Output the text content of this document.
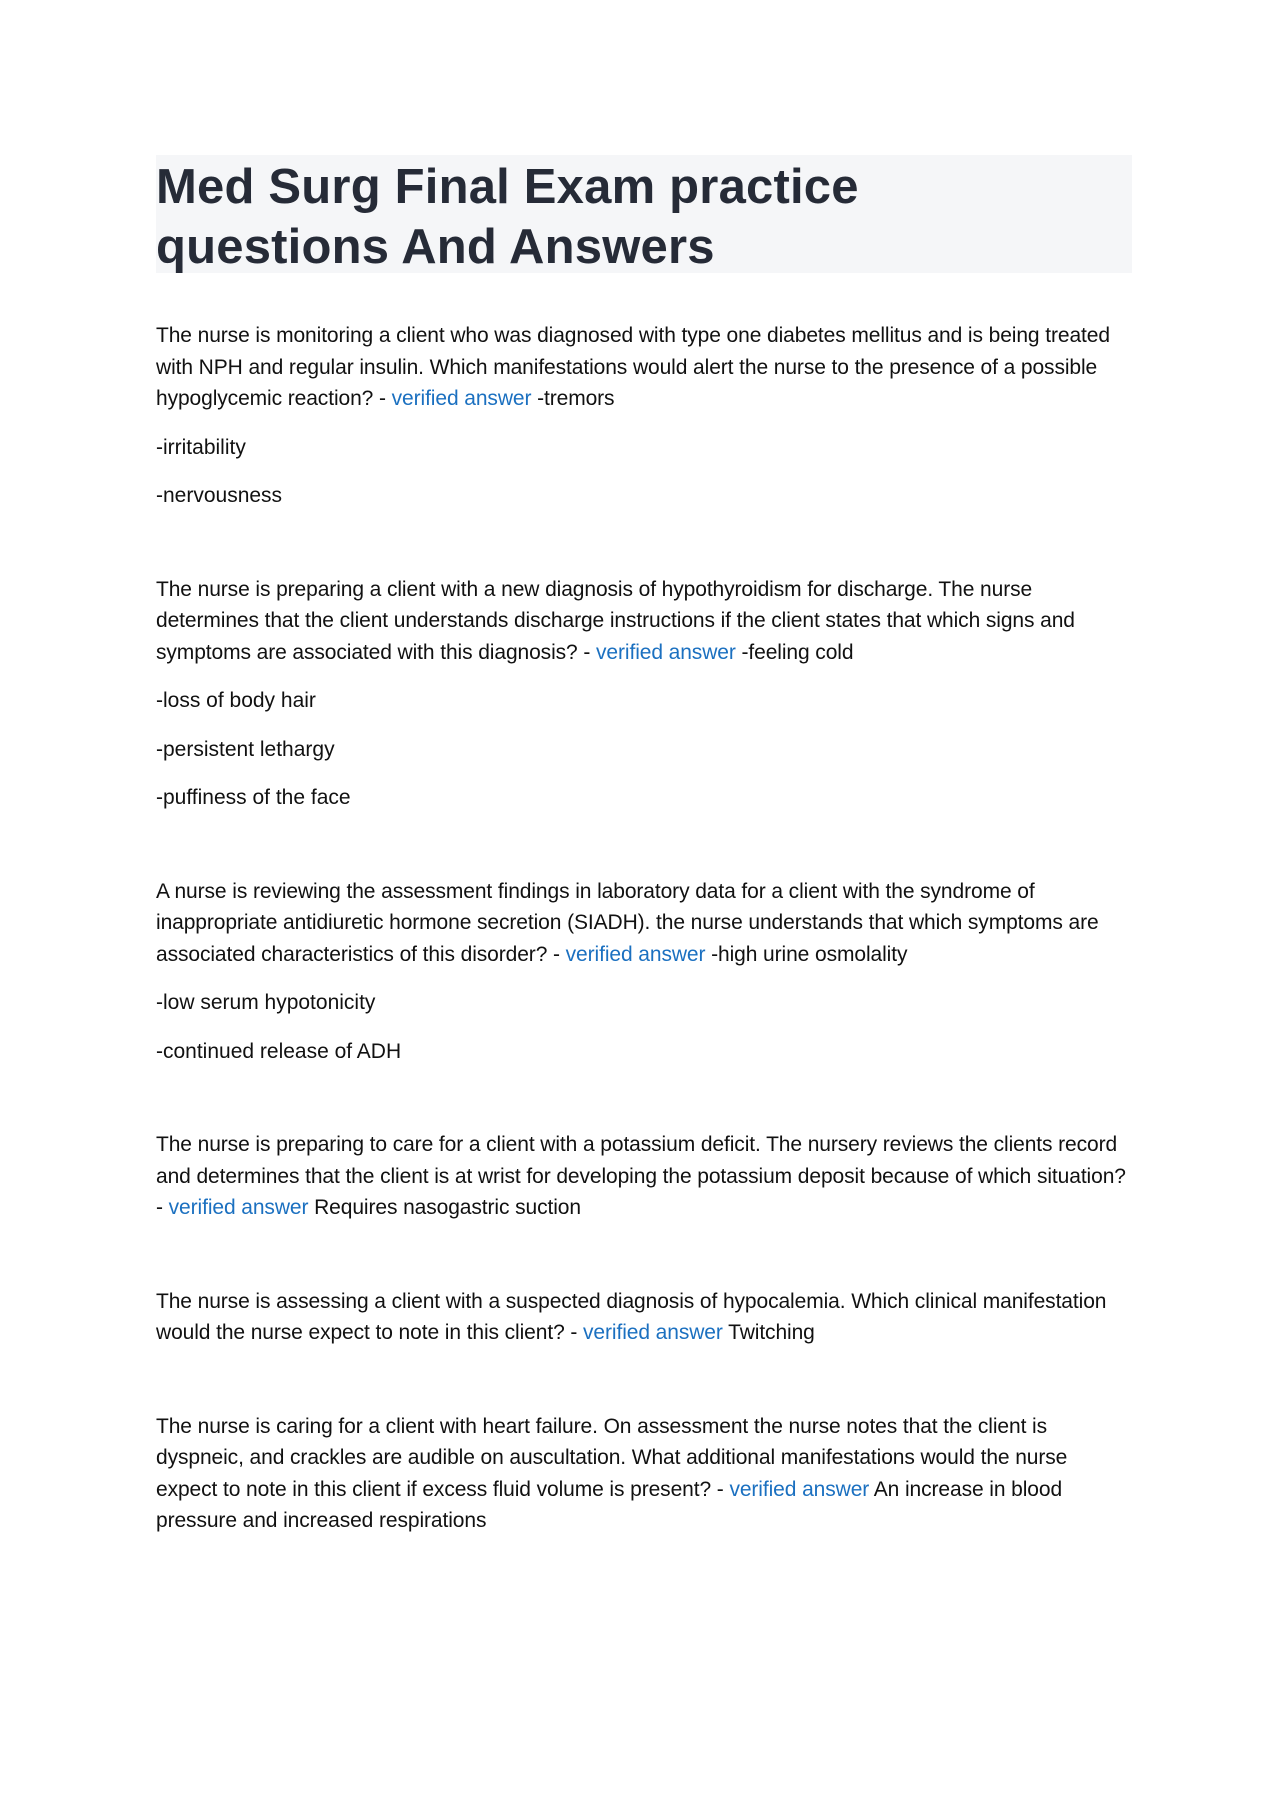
Med Surg Final Exam practice
questions And Answers

The nurse is monitoring a client who was diagnosed with type one diabetes mellitus and is being treated with NPH and regular insulin. Which manifestations would alert the nurse to the presence of a possible hypoglycemic reaction? - verified answer -tremors

-irritability

-nervousness

The nurse is preparing a client with a new diagnosis of hypothyroidism for discharge. The nurse determines that the client understands discharge instructions if the client states that which signs and symptoms are associated with this diagnosis? - verified answer -feeling cold

-loss of body hair

-persistent lethargy

-puffiness of the face

A nurse is reviewing the assessment findings in laboratory data for a client with the syndrome of inappropriate antidiuretic hormone secretion (SIADH). the nurse understands that which symptoms are associated characteristics of this disorder? - verified answer -high urine osmolality

-low serum hypotonicity

-continued release of ADH

The nurse is preparing to care for a client with a potassium deficit. The nursery reviews the clients record and determines that the client is at wrist for developing the potassium deposit because of which situation? - verified answer Requires nasogastric suction

The nurse is assessing a client with a suspected diagnosis of hypocalemia. Which clinical manifestation would the nurse expect to note in this client? - verified answer Twitching

The nurse is caring for a client with heart failure. On assessment the nurse notes that the client is dyspneic, and crackles are audible on auscultation. What additional manifestations would the nurse expect to note in this client if excess fluid volume is present? - verified answer An increase in blood pressure and increased respirations
